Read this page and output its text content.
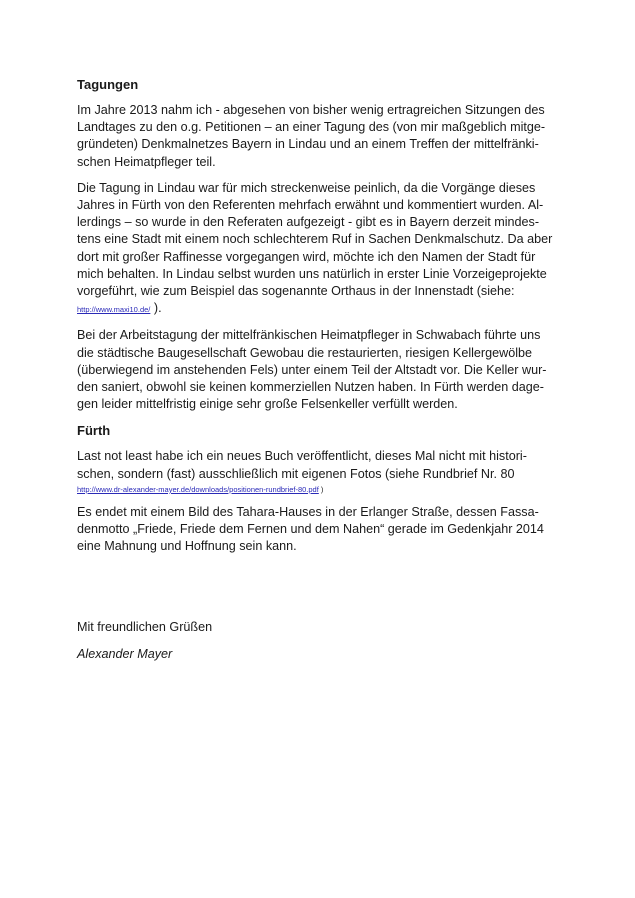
Tagungen
Im Jahre 2013 nahm ich - abgesehen von bisher wenig ertragreichen Sitzungen des
Landtages zu den o.g. Petitionen – an einer Tagung des (von mir maßgeblich mitge-
gründeten) Denkmalnetzes Bayern in Lindau und an einem Treffen der mittelfränki-
schen Heimatpfleger teil.
Die Tagung in Lindau war für mich streckenweise peinlich, da die Vorgänge dieses
Jahres in Fürth von den Referenten mehrfach erwähnt und kommentiert wurden. Al-
lerdings – so wurde in den Referaten aufgezeigt - gibt es in Bayern derzeit mindes-
tens eine Stadt mit einem noch schlechterem Ruf in Sachen Denkmalschutz. Da aber
dort mit großer Raffinesse vorgegangen wird, möchte ich den Namen der Stadt für
mich behalten. In Lindau selbst wurden uns natürlich in erster Linie Vorzeigeprojekte
vorgeführt, wie zum Beispiel das sogenannte Orthaus in der Innenstadt (siehe:
http://www.maxi10.de/ ).
Bei der Arbeitstagung der mittelfränkischen Heimatpfleger in Schwabach führte uns
die städtische Baugesellschaft Gewobau die restaurierten, riesigen Kellergewölbe
(überwiegend im anstehenden Fels) unter einem Teil der Altstadt vor. Die Keller wur-
den saniert, obwohl sie keinen kommerziellen Nutzen haben. In Fürth werden dage-
gen leider mittelfristig einige sehr große Felsenkeller verfüllt werden.
Fürth
Last not least habe ich ein neues Buch veröffentlicht, dieses Mal nicht mit histori-
schen, sondern (fast) ausschließlich mit eigenen Fotos (siehe Rundbrief Nr. 80
http://www.dr-alexander-mayer.de/downloads/positionen-rundbrief-80.pdf )
Es endet mit einem Bild des Tahara-Hauses in der Erlanger Straße, dessen Fassa-
denmotto „Friede, Friede dem Fernen und dem Nahen“ gerade im Gedenkjahr 2014
eine Mahnung und Hoffnung sein kann.

Mit freundlichen Grüßen

Alexander Mayer
